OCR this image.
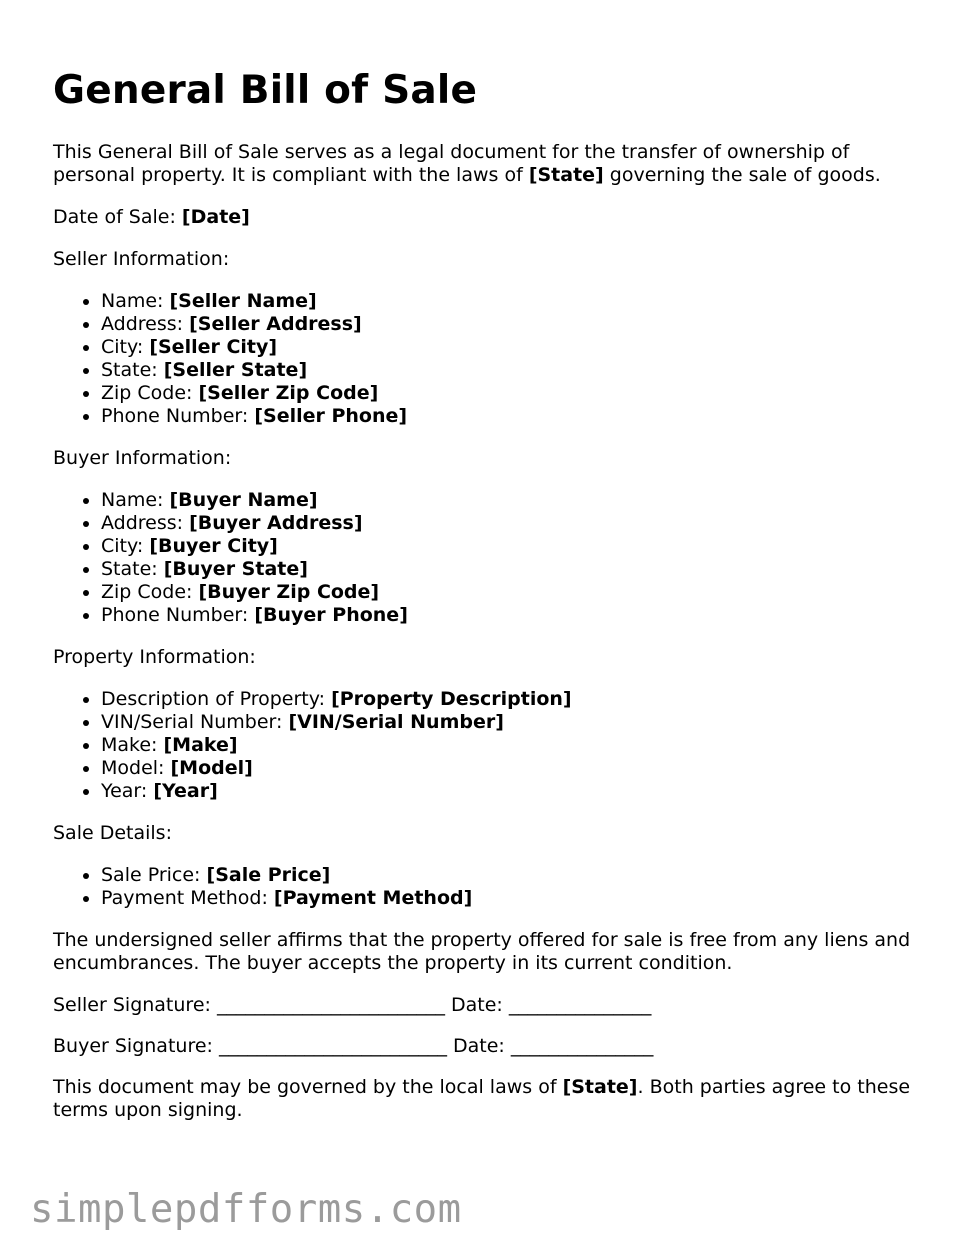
General Bill of Sale

This General Bill of Sale serves as a legal document for the transfer of ownership of personal property. It is compliant with the laws of [State] governing the sale of goods.

Date of Sale: [Date]

Seller Information:

• Name: [Seller Name]
• Address: [Seller Address]
• City: [Seller City]
• State: [Seller State]
• Zip Code: [Seller Zip Code]
• Phone Number: [Seller Phone]

Buyer Information:

• Name: [Buyer Name]
• Address: [Buyer Address]
• City: [Buyer City]
• State: [Buyer State]
• Zip Code: [Buyer Zip Code]
• Phone Number: [Buyer Phone]

Property Information:

• Description of Property: [Property Description]
• VIN/Serial Number: [VIN/Serial Number]
• Make: [Make]
• Model: [Model]
• Year: [Year]

Sale Details:

• Sale Price: [Sale Price]
• Payment Method: [Payment Method]

The undersigned seller affirms that the property offered for sale is free from any liens and encumbrances. The buyer accepts the property in its current condition.

Seller Signature: ________________________ Date: _______________

Buyer Signature: ________________________ Date: _______________

This document may be governed by the local laws of [State]. Both parties agree to these terms upon signing.

simplepdfforms.com
